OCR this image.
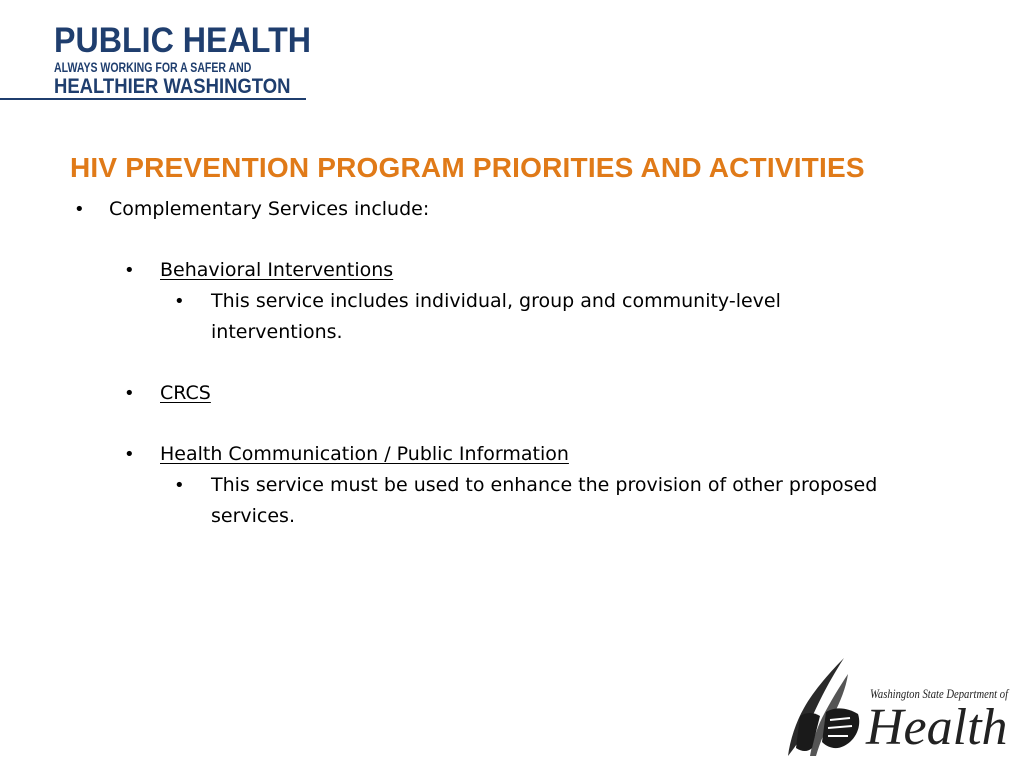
PUBLIC HEALTH
ALWAYS WORKING FOR A SAFER AND
HEALTHIER WASHINGTON
HIV PREVENTION PROGRAM PRIORITIES AND ACTIVITIES
• Complementary Services include:
• Behavioral Interventions
• This service includes individual, group and community-level
interventions.
• CRCS
• Health Communication / Public Information
• This service must be used to enhance the provision of other proposed
services.
Washington State Department of
Health
